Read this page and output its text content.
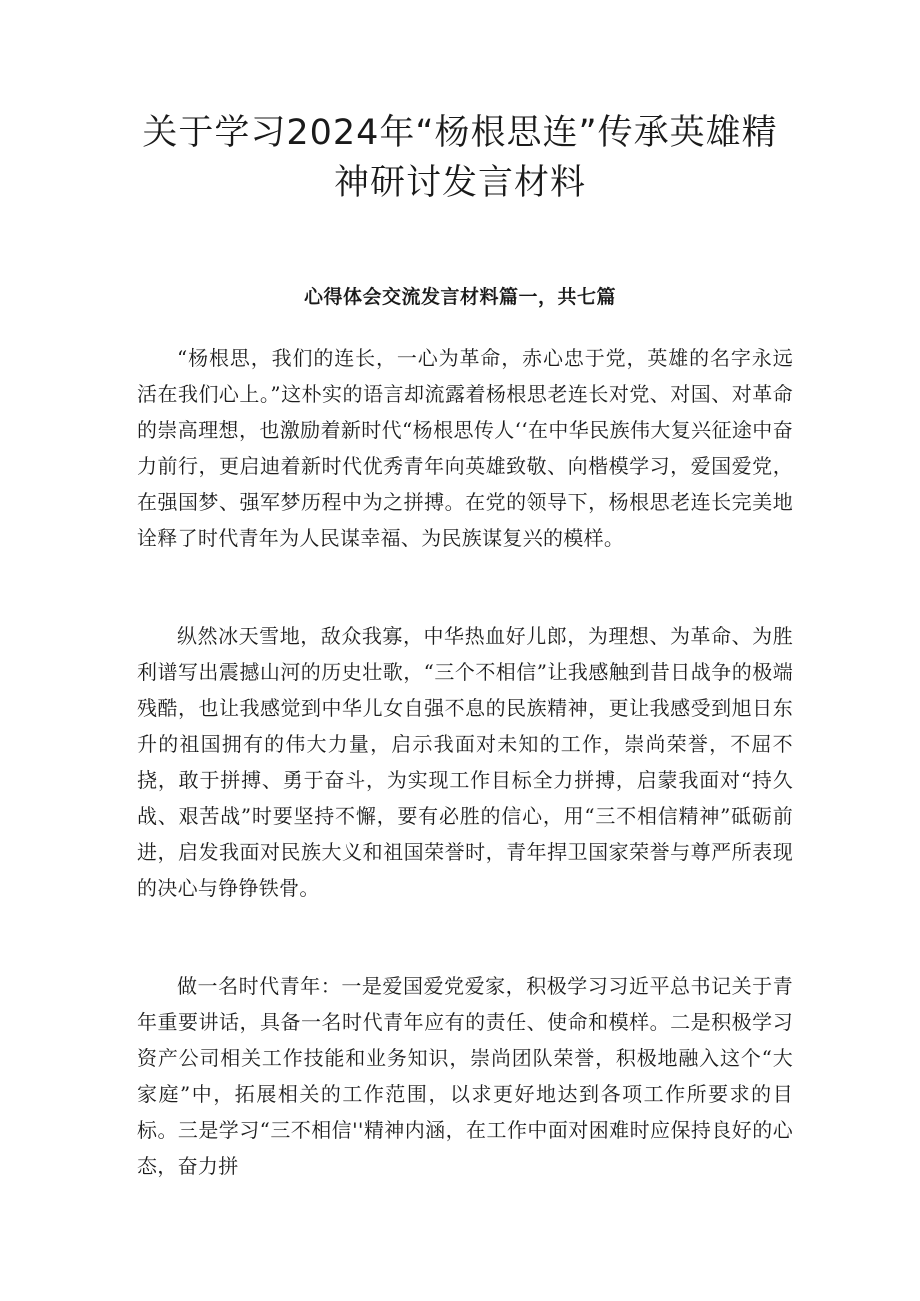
关于学习2024年“杨根思连”传承英雄精
神研讨发言材料
心得体会交流发言材料篇一，共七篇

“杨根思，我们的连长，一心为革命，赤心忠于党，英雄的名字永远活在我们心上。”这朴实的语言却流露着杨根思老连长对党、对国、对革命的崇高理想，也激励着新时代“杨根思传人‘‘在中华民族伟大复兴征途中奋力前行，更启迪着新时代优秀青年向英雄致敬、向楷模学习，爱国爱党，在强国梦、强军梦历程中为之拼搏。在党的领导下，杨根思老连长完美地诠释了时代青年为人民谋幸福、为民族谋复兴的模样。

纵然冰天雪地，敌众我寡，中华热血好儿郎，为理想、为革命、为胜利谱写出震撼山河的历史壮歌，“三个不相信”让我感触到昔日战争的极端残酷，也让我感觉到中华儿女自强不息的民族精神，更让我感受到旭日东升的祖国拥有的伟大力量，启示我面对未知的工作，崇尚荣誉，不屈不挠，敢于拼搏、勇于奋斗，为实现工作目标全力拼搏，启蒙我面对“持久战、艰苦战”时要坚持不懈，要有必胜的信心，用“三不相信精神”砥砺前进，启发我面对民族大义和祖国荣誉时，青年捍卫国家荣誉与尊严所表现的决心与铮铮铁骨。

做一名时代青年：一是爱国爱党爱家，积极学习习近平总书记关于青年重要讲话，具备一名时代青年应有的责任、使命和模样。二是积极学习资产公司相关工作技能和业务知识，崇尚团队荣誉，积极地融入这个“大家庭”中，拓展相关的工作范围，以求更好地达到各项工作所要求的目标。三是学习“三不相信''精神内涵，在工作中面对困难时应保持良好的心态，奋力拼
